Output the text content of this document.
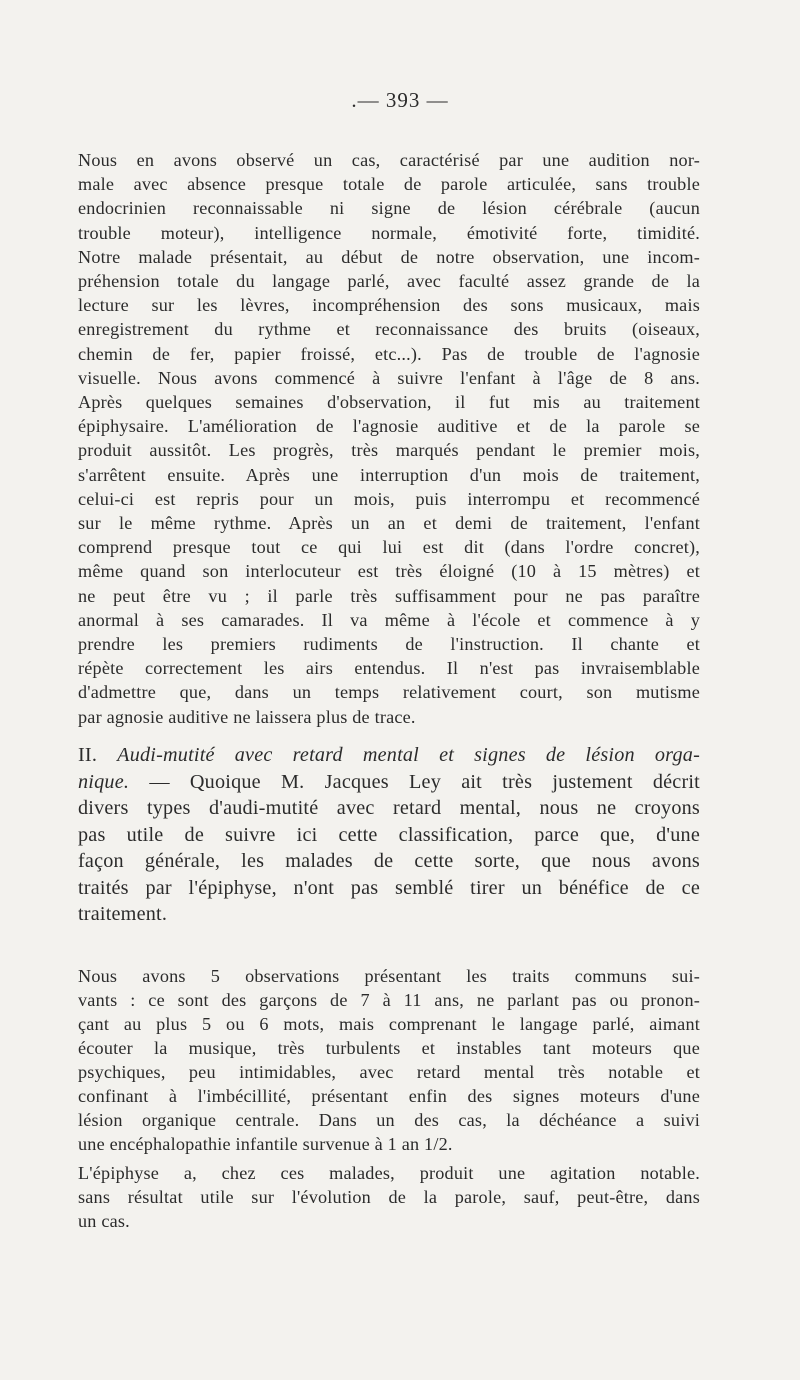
.— 393 —
Nous en avons observé un cas, caractérisé par une audition nor-
male avec absence presque totale de parole articulée, sans trouble
endocrinien reconnaissable ni signe de lésion cérébrale (aucun
trouble moteur), intelligence normale, émotivité forte, timidité.
Notre malade présentait, au début de notre observation, une incom-
préhension totale du langage parlé, avec faculté assez grande de la
lecture sur les lèvres, incompréhension des sons musicaux, mais
enregistrement du rythme et reconnaissance des bruits (oiseaux,
chemin de fer, papier froissé, etc...). Pas de trouble de l'agnosie
visuelle. Nous avons commencé à suivre l'enfant à l'âge de 8 ans.
Après quelques semaines d'observation, il fut mis au traitement
épiphysaire. L'amélioration de l'agnosie auditive et de la parole se
produit aussitôt. Les progrès, très marqués pendant le premier mois,
s'arrêtent ensuite. Après une interruption d'un mois de traitement,
celui-ci est repris pour un mois, puis interrompu et recommencé
sur le même rythme. Après un an et demi de traitement, l'enfant
comprend presque tout ce qui lui est dit (dans l'ordre concret),
même quand son interlocuteur est très éloigné (10 à 15 mètres) et
ne peut être vu ; il parle très suffisamment pour ne pas paraître
anormal à ses camarades. Il va même à l'école et commence à y
prendre les premiers rudiments de l'instruction. Il chante et
répète correctement les airs entendus. Il n'est pas invraisemblable
d'admettre que, dans un temps relativement court, son mutisme
par agnosie auditive ne laissera plus de trace.
II. Audi-mutité avec retard mental et signes de lésion orga-
nique. — Quoique M. Jacques Ley ait très justement décrit
divers types d'audi-mutité avec retard mental, nous ne croyons
pas utile de suivre ici cette classification, parce que, d'une
façon générale, les malades de cette sorte, que nous avons
traités par l'épiphyse, n'ont pas semblé tirer un bénéfice de ce
traitement.
Nous avons 5 observations présentant les traits communs sui-
vants : ce sont des garçons de 7 à 11 ans, ne parlant pas ou pronon-
çant au plus 5 ou 6 mots, mais comprenant le langage parlé, aimant
écouter la musique, très turbulents et instables tant moteurs que
psychiques, peu intimidables, avec retard mental très notable et
confinant à l'imbécillité, présentant enfin des signes moteurs d'une
lésion organique centrale. Dans un des cas, la déchéance a suivi
une encéphalopathie infantile survenue à 1 an 1/2.
L'épiphyse a, chez ces malades, produit une agitation notable.
sans résultat utile sur l'évolution de la parole, sauf, peut-être, dans
un cas.
